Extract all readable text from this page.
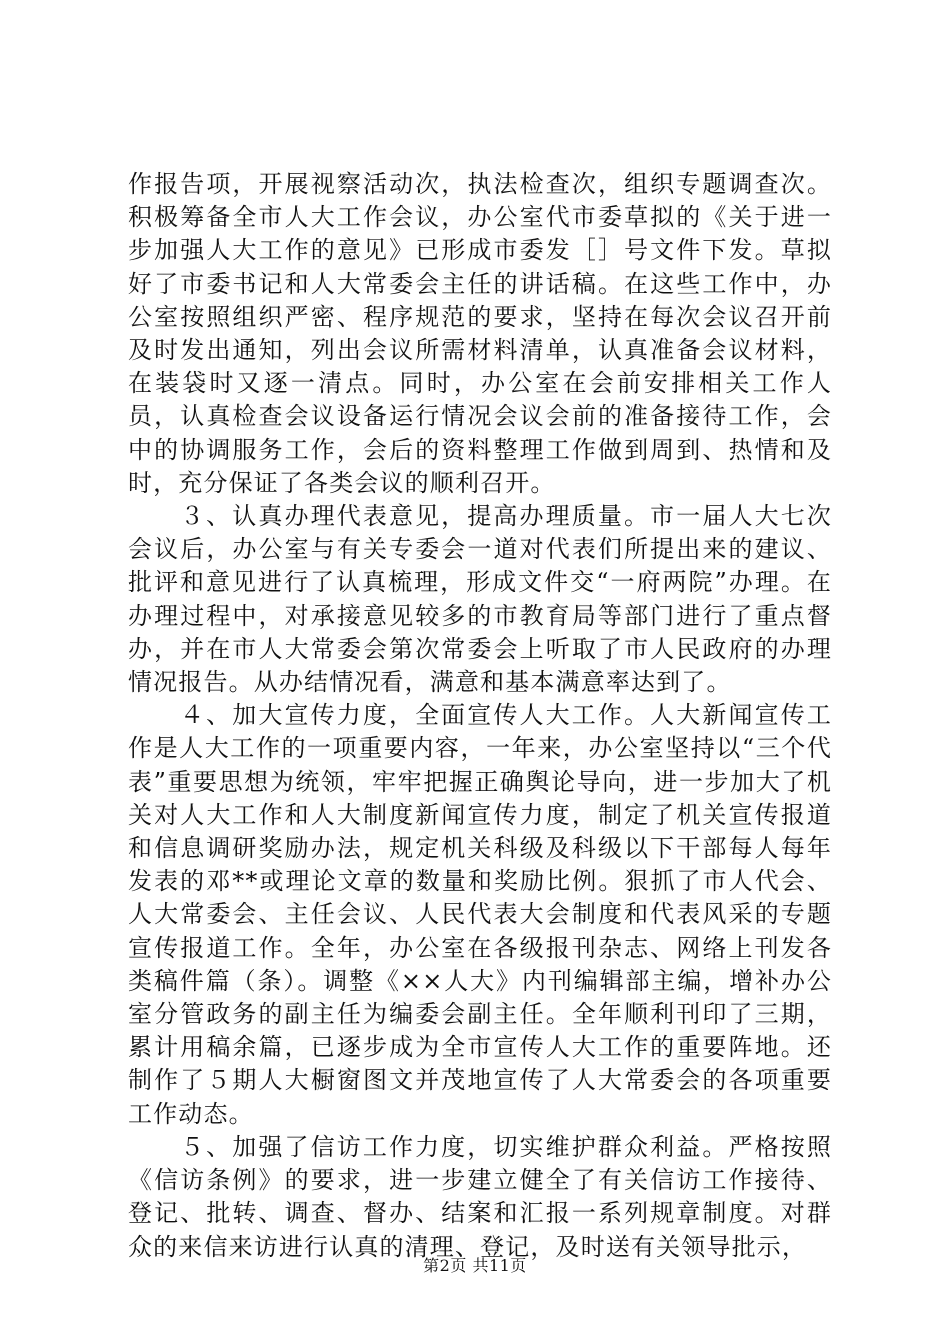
作报告项，开展视察活动次，执法检查次，组织专题调查次。积极筹备全市人大工作会议，办公室代市委草拟的《关于进一步加强人大工作的意见》已形成市委发［］号文件下发。草拟好了市委书记和人大常委会主任的讲话稿。在这些工作中，办公室按照组织严密、程序规范的要求，坚持在每次会议召开前及时发出通知，列出会议所需材料清单，认真准备会议材料，在装袋时又逐一清点。同时，办公室在会前安排相关工作人员，认真检查会议设备运行情况会议会前的准备接待工作，会中的协调服务工作，会后的资料整理工作做到周到、热情和及时，充分保证了各类会议的顺利召开。

３、认真办理代表意见，提高办理质量。市一届人大七次会议后，办公室与有关专委会一道对代表们所提出来的建议、批评和意见进行了认真梳理，形成文件交“一府两院”办理。在办理过程中，对承接意见较多的市教育局等部门进行了重点督办，并在市人大常委会第次常委会上听取了市人民政府的办理情况报告。从办结情况看，满意和基本满意率达到了。

４、加大宣传力度，全面宣传人大工作。人大新闻宣传工作是人大工作的一项重要内容，一年来，办公室坚持以“三个代表”重要思想为统领，牢牢把握正确舆论导向，进一步加大了机关对人大工作和人大制度新闻宣传力度，制定了机关宣传报道和信息调研奖励办法，规定机关科级及科级以下干部每人每年发表的邓**或理论文章的数量和奖励比例。狠抓了市人代会、人大常委会、主任会议、人民代表大会制度和代表风采的专题宣传报道工作。全年，办公室在各级报刊杂志、网络上刊发各类稿件篇（条）。调整《××人大》内刊编辑部主编，增补办公室分管政务的副主任为编委会副主任。全年顺利刊印了三期，累计用稿余篇，已逐步成为全市宣传人大工作的重要阵地。还制作了５期人大橱窗图文并茂地宣传了人大常委会的各项重要工作动态。

５、加强了信访工作力度，切实维护群众利益。严格按照《信访条例》的要求，进一步建立健全了有关信访工作接待、登记、批转、调查、督办、结案和汇报一系列规章制度。对群众的来信来访进行认真的清理、登记，及时送有关领导批示，

第2页 共11页
